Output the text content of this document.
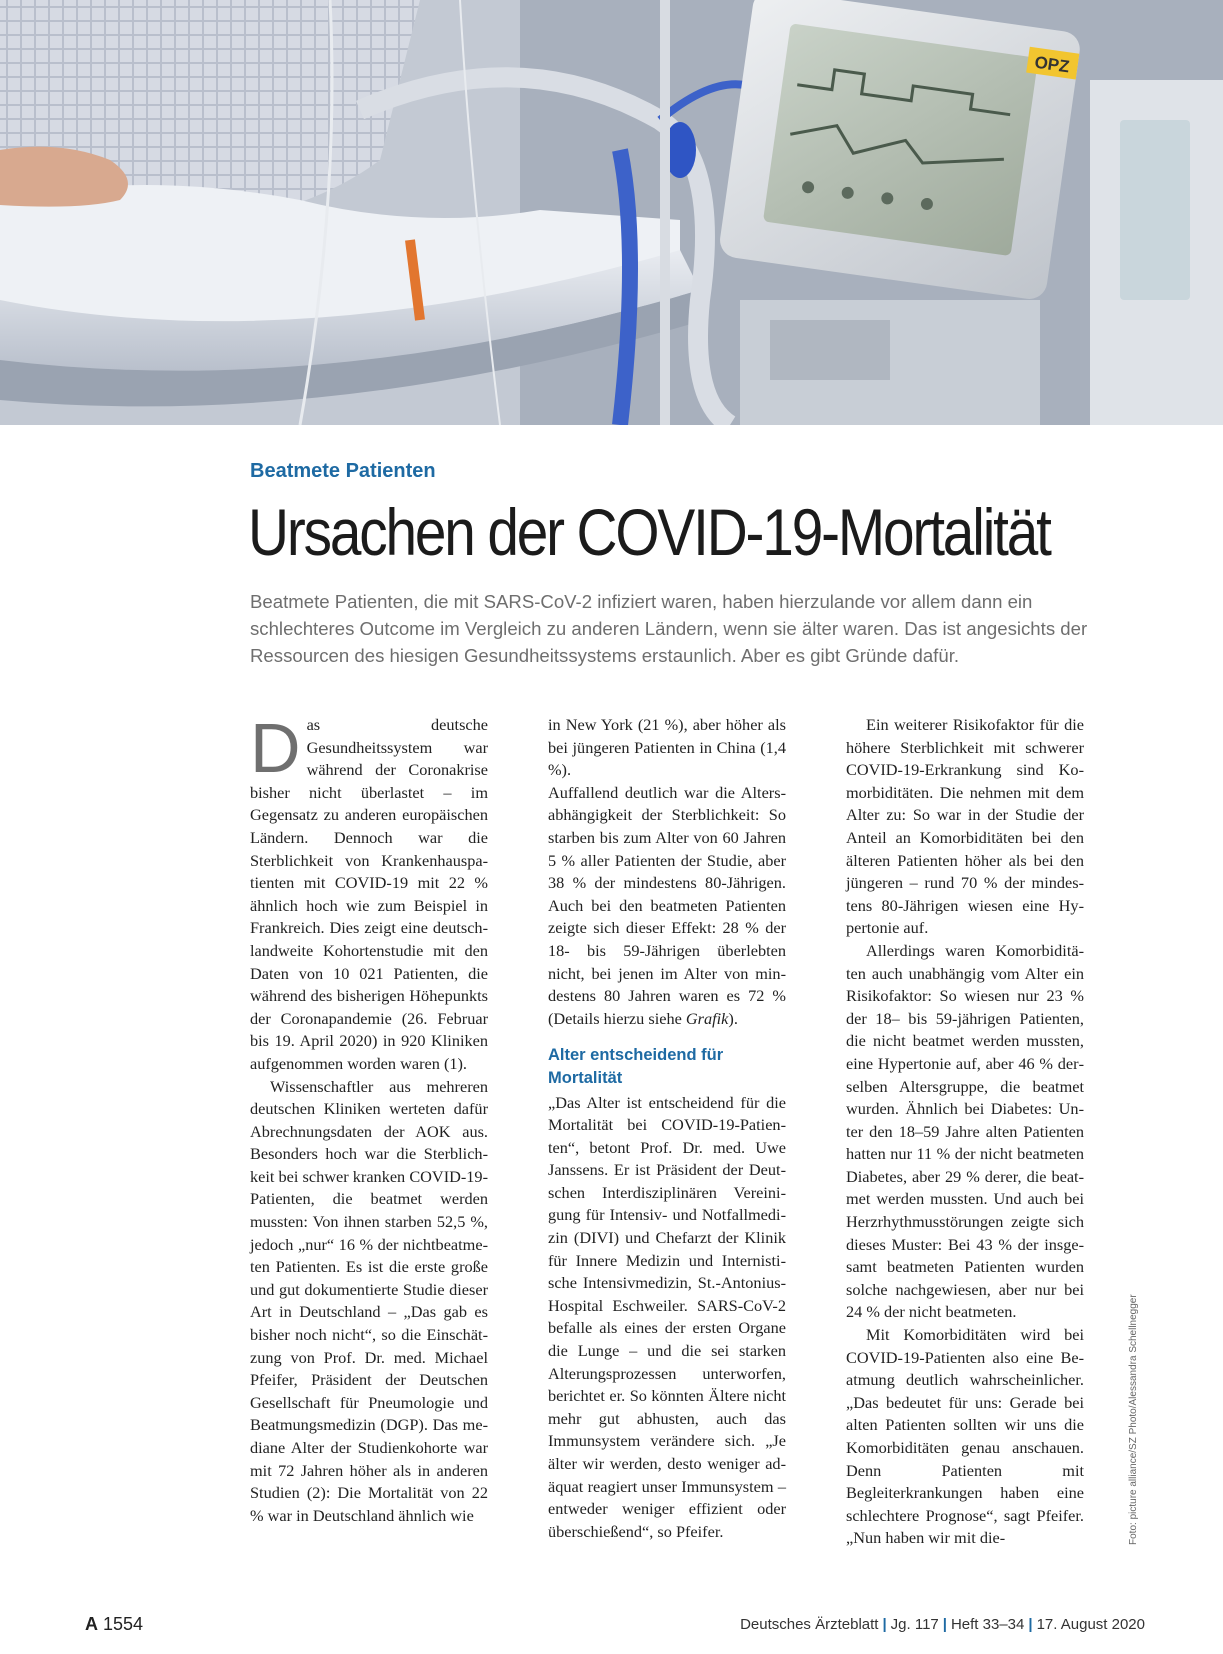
OPZ
Beatmete Patienten
Ursachen der COVID-19-Mortalität
Beatmete Patienten, die mit SARS-CoV-2 infiziert waren, haben hierzulande vor allem dann ein schlechteres Outcome im Vergleich zu anderen Ländern, wenn sie älter waren. Das ist angesichts der Ressourcen des hiesigen Gesundheitssystems erstaunlich. Aber es gibt Gründe dafür.

Das deutsche Gesundheitssystem war während der Coronakrise bisher nicht überlastet – im Gegensatz zu anderen europäischen Ländern. Dennoch war die Sterblichkeit von Krankenhauspatienten mit COVID-19 mit 22 % ähnlich hoch wie zum Beispiel in Frankreich. Dies zeigt eine deutschlandweite Kohortenstudie mit den Daten von 10 021 Patienten, die während des bisherigen Höhepunkts der Coronapandemie (26. Februar bis 19. April 2020) in 920 Kliniken aufgenommen worden waren (1).

Wissenschaftler aus mehreren deutschen Kliniken werteten dafür Abrechnungsdaten der AOK aus. Besonders hoch war die Sterblichkeit bei schwer kranken COVID-19-Patienten, die beatmet werden mussten: Von ihnen starben 52,5 %, jedoch „nur“ 16 % der nichtbeatmeten Patienten. Es ist die erste große und gut dokumentierte Studie dieser Art in Deutschland – „Das gab es bisher noch nicht“, so die Einschätzung von Prof. Dr. med. Michael Pfeifer, Präsident der Deutschen Gesellschaft für Pneumologie und Beatmungsmedizin (DGP). Das mediane Alter der Studienkohorte war mit 72 Jahren höher als in anderen Studien (2): Die Mortalität von 22 % war in Deutschland ähnlich wie

in New York (21 %), aber höher als bei jüngeren Patienten in China (1,4 %).

Auffallend deutlich war die Altersabhängigkeit der Sterblichkeit: So starben bis zum Alter von 60 Jahren 5 % aller Patienten der Studie, aber 38 % der mindestens 80-Jährigen. Auch bei den beatmeten Patienten zeigte sich dieser Effekt: 28 % der 18- bis 59-Jährigen überlebten nicht, bei jenen im Alter von mindestens 80 Jahren waren es 72 % (Details hierzu siehe Grafik).

Alter entscheidend für Mortalität

„Das Alter ist entscheidend für die Mortalität bei COVID-19-Patienten“, betont Prof. Dr. med. Uwe Janssens. Er ist Präsident der Deutschen Interdisziplinären Vereinigung für Intensiv- und Notfallmedizin (DIVI) und Chefarzt der Klinik für Innere Medizin und Internistische Intensivmedizin, St.-Antonius-Hospital Eschweiler. SARS-CoV-2 befalle als eines der ersten Organe die Lunge – und die sei starken Alterungsprozessen unterworfen, berichtet er. So könnten Ältere nicht mehr gut abhusten, auch das Immunsystem verändere sich. „Je älter wir werden, desto weniger ad-äquat reagiert unser Immunsystem – entweder weniger effizient oder überschießend“, so Pfeifer.

Ein weiterer Risikofaktor für die höhere Sterblichkeit mit schwerer COVID-19-Erkrankung sind Komorbiditäten. Die nehmen mit dem Alter zu: So war in der Studie der Anteil an Komorbiditäten bei den älteren Patienten höher als bei den jüngeren – rund 70 % der mindestens 80-Jährigen wiesen eine Hypertonie auf.

Allerdings waren Komorbiditäten auch unabhängig vom Alter ein Risikofaktor: So wiesen nur 23 % der 18– bis 59-jährigen Patienten, die nicht beatmet werden mussten, eine Hypertonie auf, aber 46 % derselben Altersgruppe, die beatmet wurden. Ähnlich bei Diabetes: Unter den 18–59 Jahre alten Patienten hatten nur 11 % der nicht beatmeten Diabetes, aber 29 % derer, die beatmet werden mussten. Und auch bei Herzrhythmusstörungen zeigte sich dieses Muster: Bei 43 % der insgesamt beatmeten Patienten wurden solche nachgewiesen, aber nur bei 24 % der nicht beatmeten.

Mit Komorbiditäten wird bei COVID-19-Patienten also eine Beatmung deutlich wahrscheinlicher. „Das bedeutet für uns: Gerade bei alten Patienten sollten wir uns die Komorbiditäten genau anschauen. Denn Patienten mit Begleiterkrankungen haben eine schlechtere Prognose“, sagt Pfeifer. „Nun haben wir mit die-	Foto: picture alliance/SZ Photo/Alessandra Schellnegger
A 1554	Deutsches Ärzteblatt | Jg. 117 | Heft 33–34 | 17. August 2020
